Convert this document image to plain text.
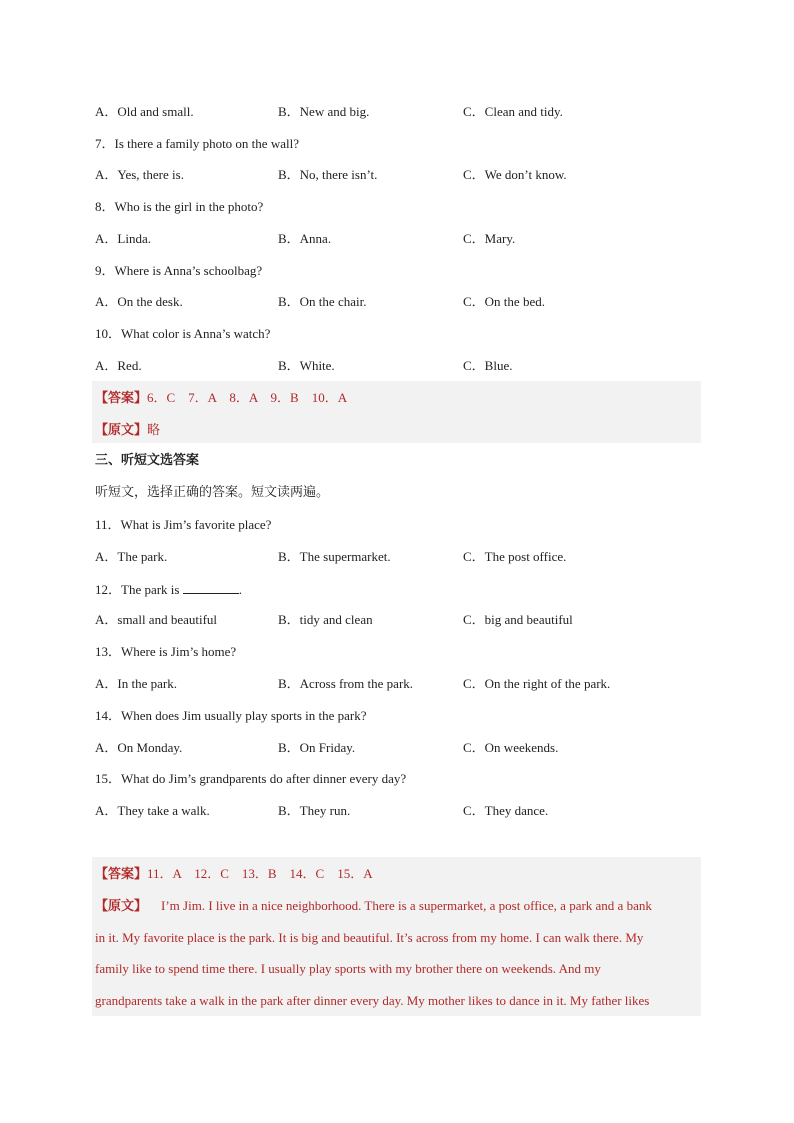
A．Old and small.	B．New and big.	C．Clean and tidy.
7．Is there a family photo on the wall?
A．Yes, there is.	B．No, there isn’t.	C．We don’t know.
8．Who is the girl in the photo?
A．Linda.	B．Anna.	C．Mary.
9．Where is Anna’s schoolbag?
A．On the desk.	B．On the chair.	C．On the bed.
10．What color is Anna’s watch?
A．Red.	B．White.	C．Blue.
【答案】6．C　7．A　8．A　9．B　10．A
【原文】略
三、听短文选答案
听短文，选择正确的答案。短文读两遍。
11．What is Jim’s favorite place?
A．The park.	B．The supermarket.	C．The post office.
12．The park is	.
A．small and beautiful	B．tidy and clean	C．big and beautiful
13．Where is Jim’s home?
A．In the park.	B．Across from the park.	C．On the right of the park.
14．When does Jim usually play sports in the park?
A．On Monday.	B．On Friday.	C．On weekends.
15．What do Jim’s grandparents do after dinner every day?
A．They take a walk.	B．They run.	C．They dance.
【答案】11．A　12．C　13．B　14．C　15．A
【原文】 I’m Jim. I live in a nice neighborhood. There is a supermarket, a post office, a park and a bank
in it. My favorite place is the park. It is big and beautiful. It’s across from my home. I can walk there. My
family like to spend time there. I usually play sports with my brother there on weekends. And my
grandparents take a walk in the park after dinner every day. My mother likes to dance in it. My father likes
